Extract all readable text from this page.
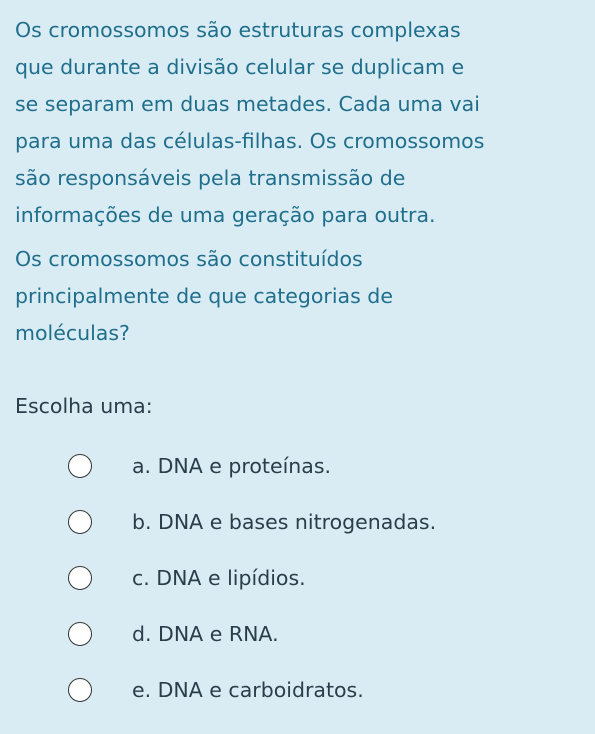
Os cromossomos são estruturas complexas
que durante a divisão celular se duplicam e
se separam em duas metades. Cada uma vai
para uma das células-filhas. Os cromossomos
são responsáveis pela transmissão de
informações de uma geração para outra.
Os cromossomos são constituídos
principalmente de que categorias de
moléculas?
Escolha uma:
a. DNA e proteínas.
b. DNA e bases nitrogenadas.
c. DNA e lipídios.
d. DNA e RNA.
e. DNA e carboidratos.
